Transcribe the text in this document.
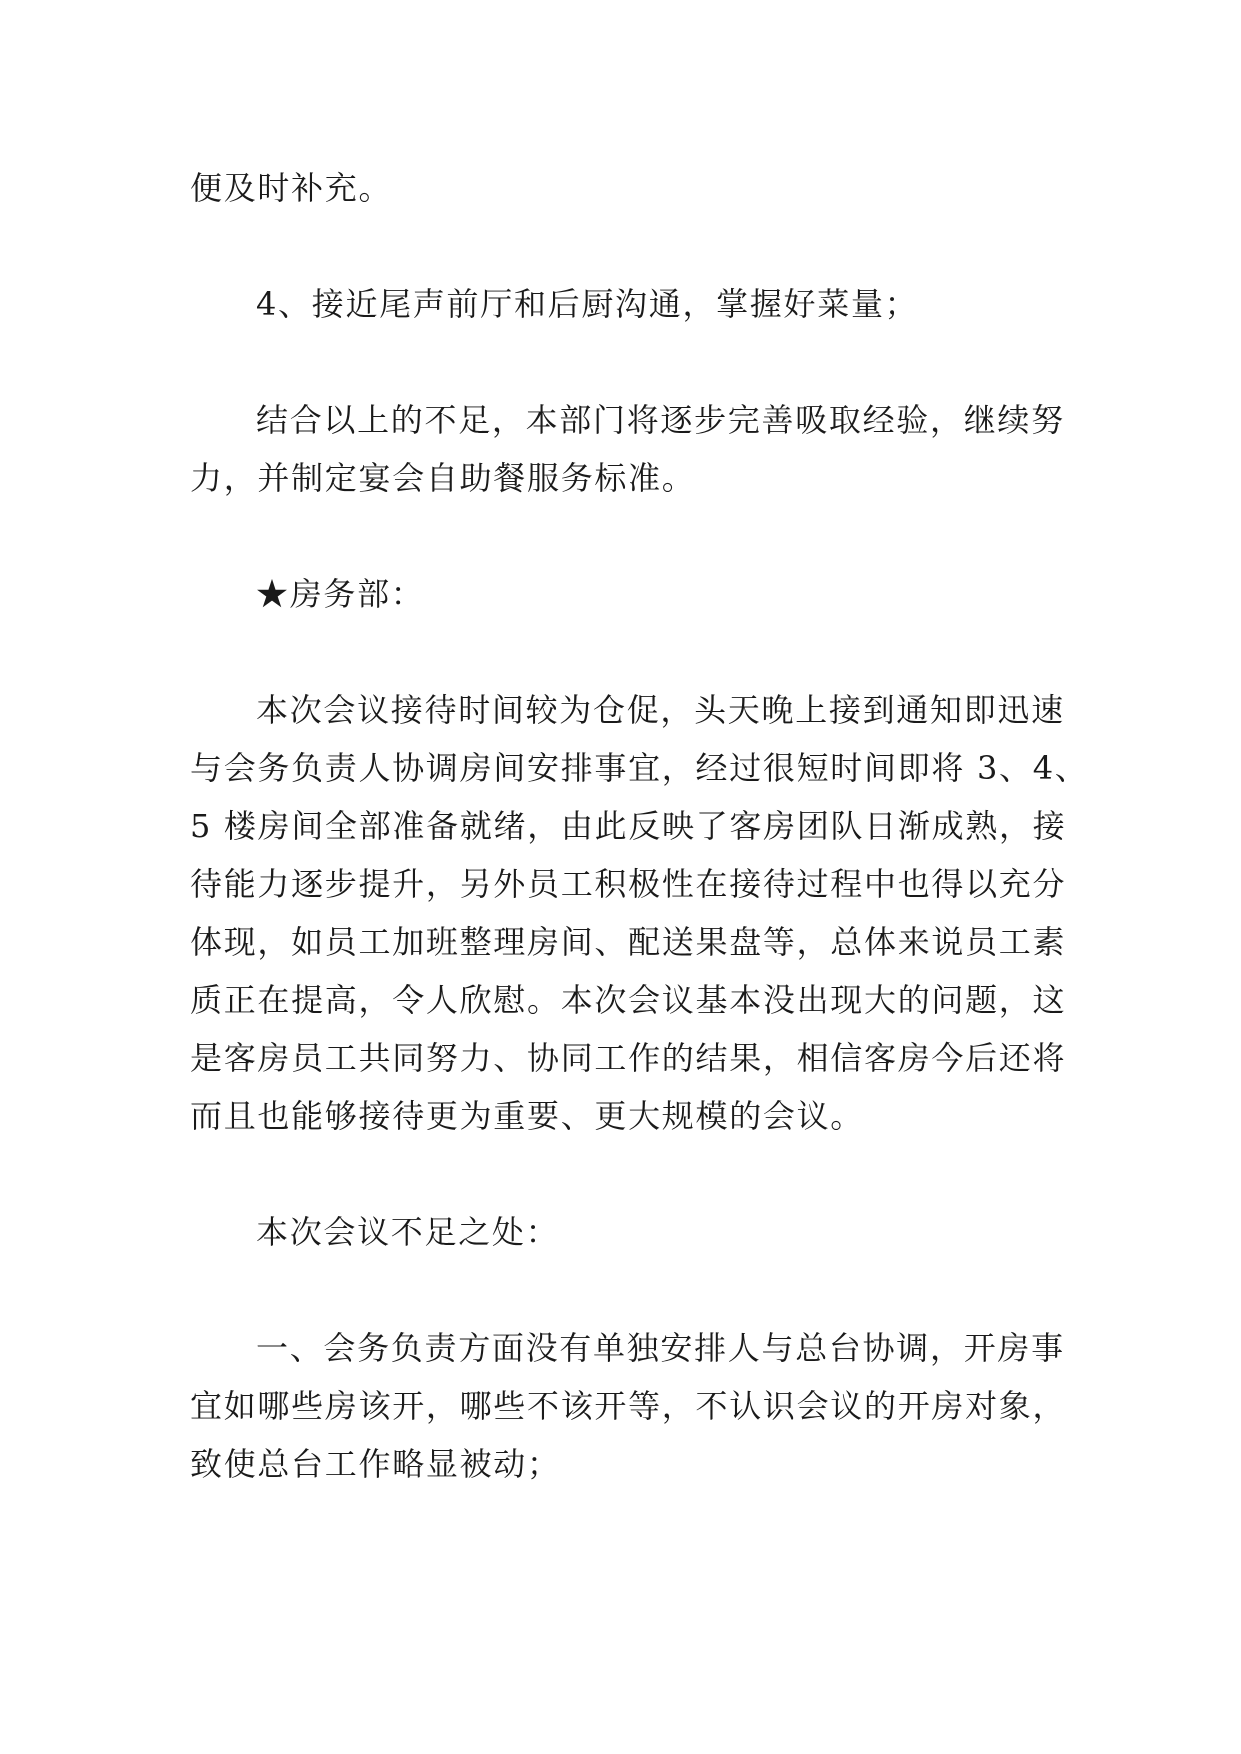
便及时补充。
4、接近尾声前厅和后厨沟通，掌握好菜量；
结合以上的不足，本部门将逐步完善吸取经验，继续努
力，并制定宴会自助餐服务标准。
★房务部：
本次会议接待时间较为仓促，头天晚上接到通知即迅速
与会务负责人协调房间安排事宜，经过很短时间即将 3、4、
5 楼房间全部准备就绪，由此反映了客房团队日渐成熟，接
待能力逐步提升，另外员工积极性在接待过程中也得以充分
体现，如员工加班整理房间、配送果盘等，总体来说员工素
质正在提高，令人欣慰。本次会议基本没出现大的问题，这
是客房员工共同努力、协同工作的结果，相信客房今后还将
而且也能够接待更为重要、更大规模的会议。
本次会议不足之处：
一、会务负责方面没有单独安排人与总台协调，开房事
宜如哪些房该开，哪些不该开等，不认识会议的开房对象，
致使总台工作略显被动；
